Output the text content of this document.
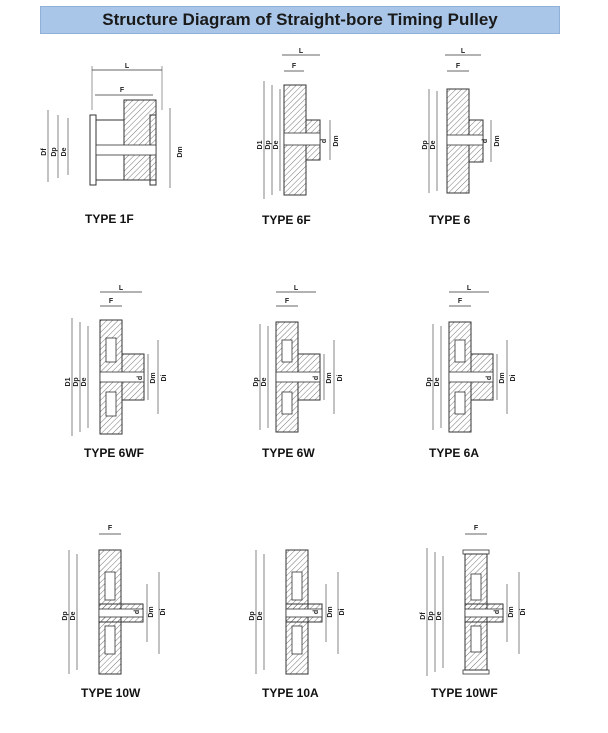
Structure Diagram of Straight-bore Timing Pulley
L
F
Df Dp De	Dm
TYPE 1F
L
F
D1 Dp De	d Dm
TYPE 6F
L
F
Dp De	d Dm
TYPE 6
L
F
D1 Dp De	d Dm Di
TYPE 6WF
L
F
Dp De	d Dm Di
TYPE 6W
L
F
Dp De	d Dm Di
TYPE 6A
F
Dp De	d Dm Di
TYPE 10W
Dp De	d Dm Di
TYPE 10A
F
Df Dp De	d Dm Di
TYPE 10WF
